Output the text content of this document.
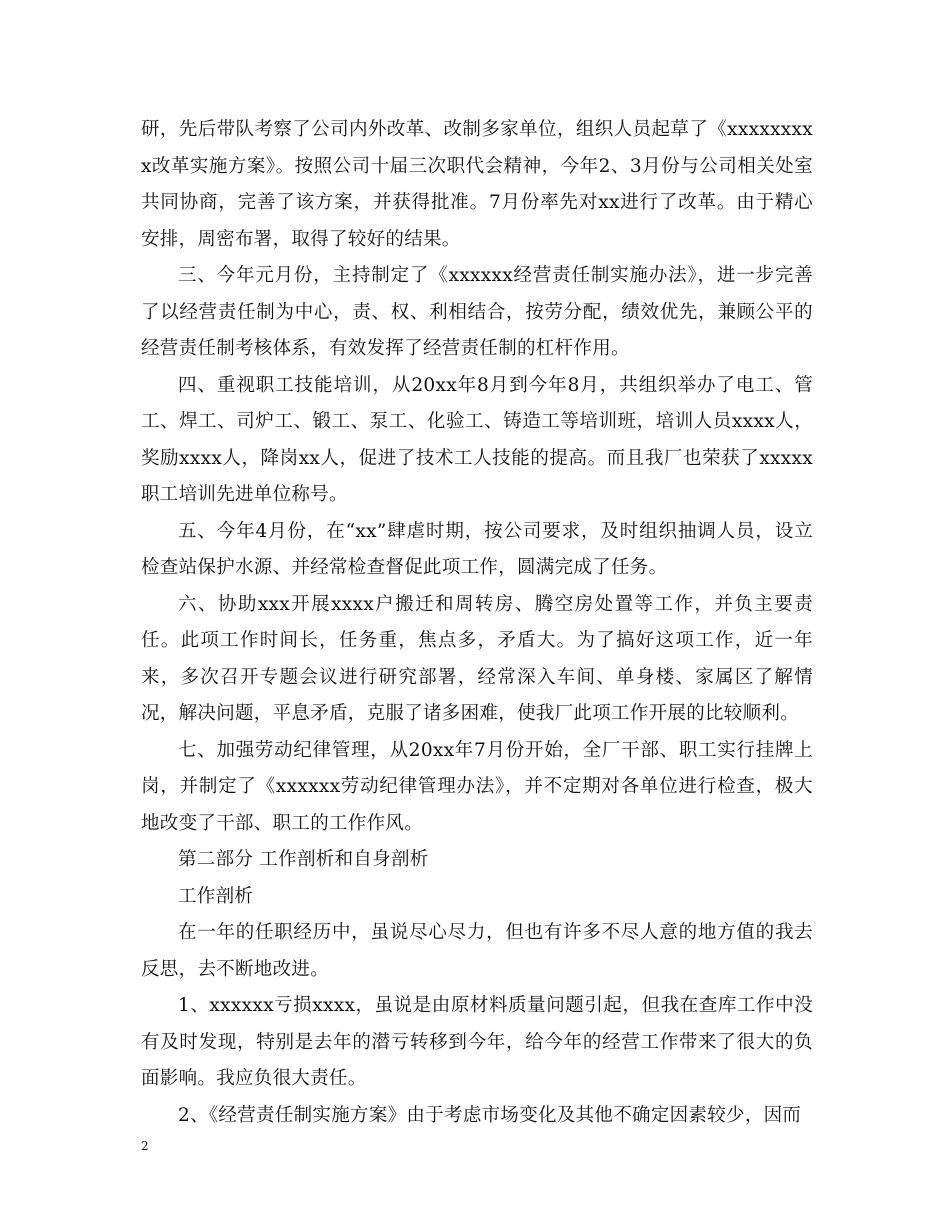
研，先后带队考察了公司内外改革、改制多家单位，组织人员起草了《xxxxxxxxx改革实施方案》。按照公司十届三次职代会精神，今年2、3月份与公司相关处室共同协商，完善了该方案，并获得批准。7月份率先对xx进行了改革。由于精心安排，周密布署，取得了较好的结果。

三、今年元月份，主持制定了《xxxxxx经营责任制实施办法》，进一步完善了以经营责任制为中心，责、权、利相结合，按劳分配，绩效优先，兼顾公平的经营责任制考核体系，有效发挥了经营责任制的杠杆作用。

四、重视职工技能培训，从20xx年8月到今年8月，共组织举办了电工、管工、焊工、司炉工、锻工、泵工、化验工、铸造工等培训班，培训人员xxxx人，奖励xxxx人，降岗xx人，促进了技术工人技能的提高。而且我厂也荣获了xxxxx职工培训先进单位称号。

五、今年4月份，在“xx”肆虐时期，按公司要求，及时组织抽调人员，设立检查站保护水源、并经常检查督促此项工作，圆满完成了任务。

六、协助xxx开展xxxx户搬迁和周转房、腾空房处置等工作，并负主要责任。此项工作时间长，任务重，焦点多，矛盾大。为了搞好这项工作，近一年来，多次召开专题会议进行研究部署，经常深入车间、单身楼、家属区了解情况，解决问题，平息矛盾，克服了诸多困难，使我厂此项工作开展的比较顺利。

七、加强劳动纪律管理，从20xx年7月份开始，全厂干部、职工实行挂牌上岗，并制定了《xxxxxx劳动纪律管理办法》，并不定期对各单位进行检查，极大地改变了干部、职工的工作作风。

第二部分 工作剖析和自身剖析

工作剖析

在一年的任职经历中，虽说尽心尽力，但也有许多不尽人意的地方值的我去反思，去不断地改进。

1、xxxxxx亏损xxxx，虽说是由原材料质量问题引起，但我在查库工作中没有及时发现，特别是去年的潜亏转移到今年，给今年的经营工作带来了很大的负面影响。我应负很大责任。

2、《经营责任制实施方案》由于考虑市场变化及其他不确定因素较少，因而

2
